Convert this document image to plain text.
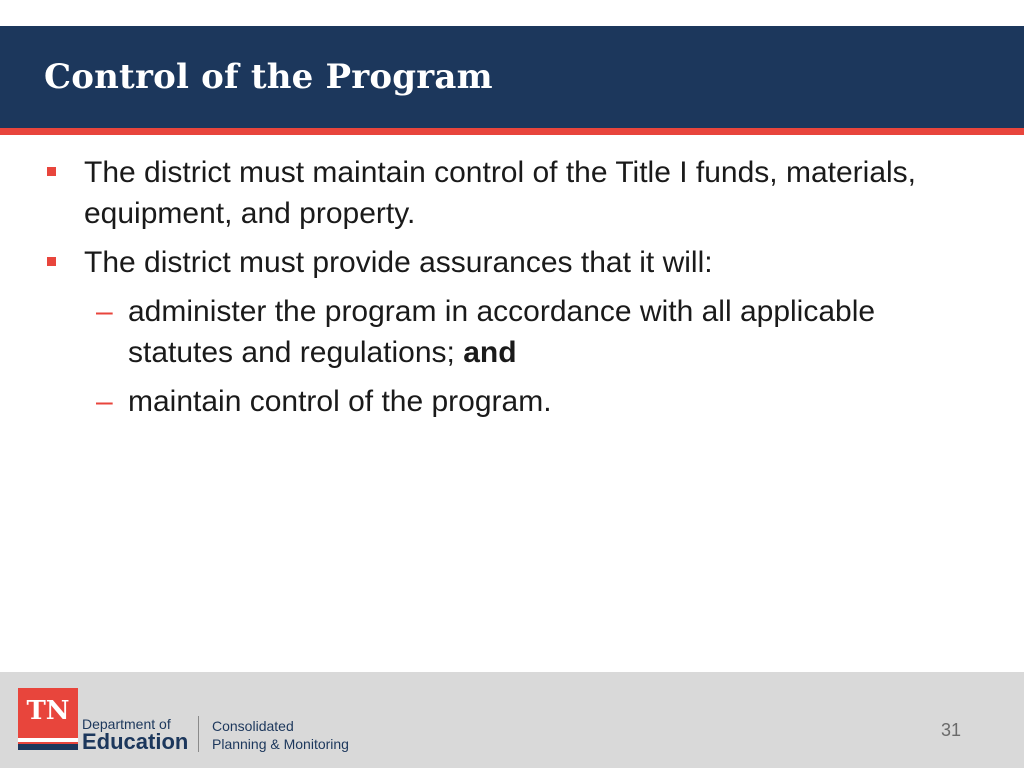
Control of the Program
The district must maintain control of the Title I funds, materials, equipment, and property.
The district must provide assurances that it will:
– administer the program in accordance with all applicable statutes and regulations; and
– maintain control of the program.
TN Department of
Education
Consolidated
Planning & Monitoring
31
